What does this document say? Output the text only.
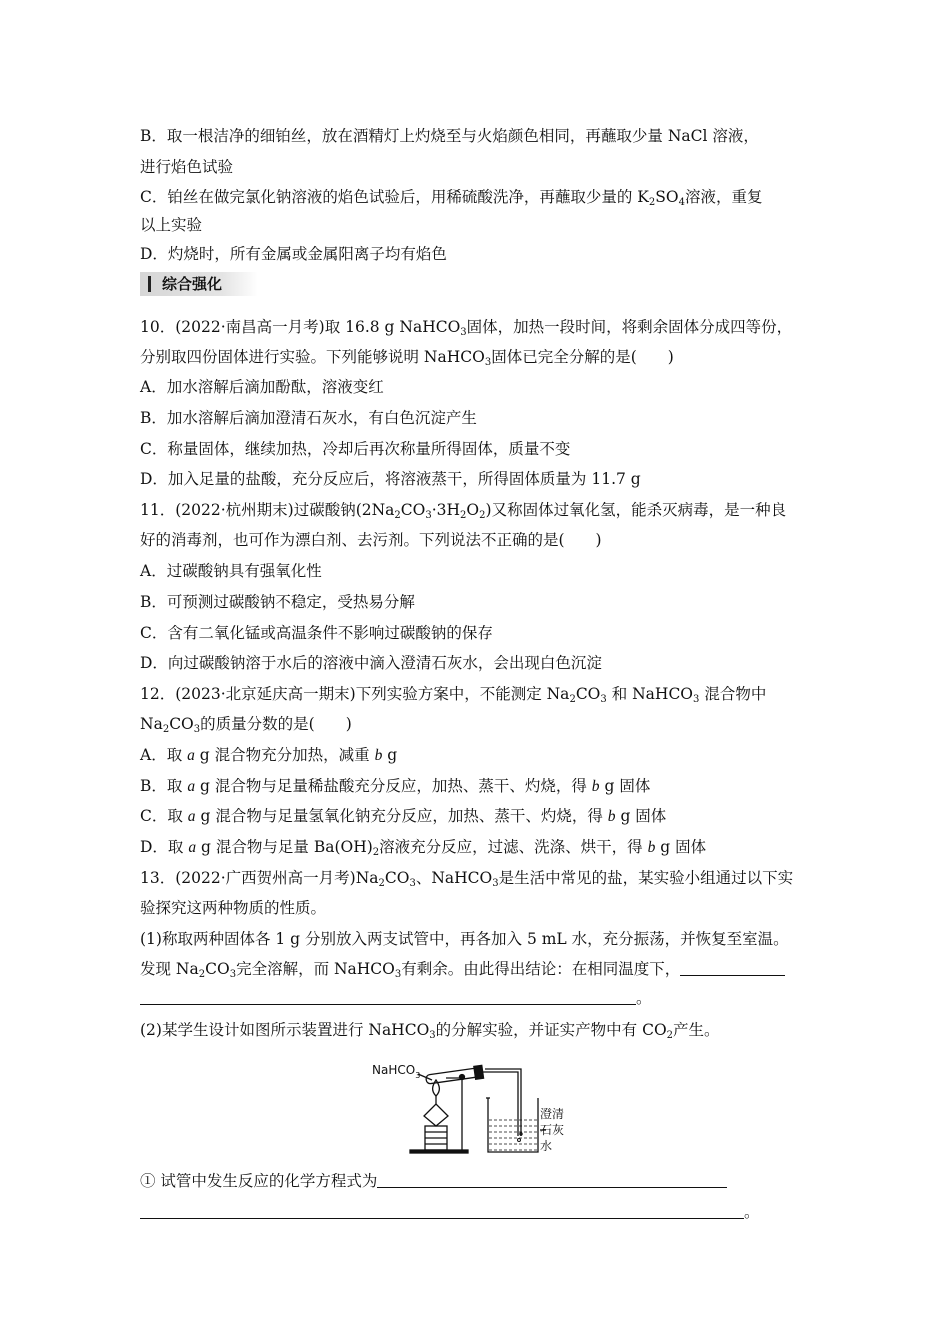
B．取一根洁净的细铂丝，放在酒精灯上灼烧至与火焰颜色相同，再蘸取少量 NaCl 溶液，
进行焰色试验
C．铂丝在做完氯化钠溶液的焰色试验后，用稀硫酸洗净，再蘸取少量的 $K_2SO_4$溶液，重复
以上实验
D．灼烧时，所有金属或金属阳离子均有焰色
综合强化
10．(2022·南昌高一月考)取 16.8 g NaHCO$_3$固体，加热一段时间，将剩余固体分成四等份，
分别取四份固体进行实验。下列能够说明 NaHCO$_3$固体已完全分解的是(　　)
A．加水溶解后滴加酚酞，溶液变红
B．加水溶解后滴加澄清石灰水，有白色沉淀产生
C．称量固体，继续加热，冷却后再次称量所得固体，质量不变
D．加入足量的盐酸，充分反应后，将溶液蒸干，所得固体质量为 11.7 g
11．(2022·杭州期末)过碳酸钠$(2Na_2CO_3\cdot 3H_2O_2)$又称固体过氧化氢，能杀灭病毒，是一种良
好的消毒剂，也可作为漂白剂、去污剂。下列说法不正确的是(　　)
A．过碳酸钠具有强氧化性
B．可预测过碳酸钠不稳定，受热易分解
C．含有二氧化锰或高温条件不影响过碳酸钠的保存
D．向过碳酸钠溶于水后的溶液中滴入澄清石灰水，会出现白色沉淀
12．(2023·北京延庆高一期末)下列实验方案中，不能测定 $Na_2CO_3$ 和 NaHCO$_3$ 混合物中
$Na_2CO_3$的质量分数的是(　　)
A．取 a g 混合物充分加热，减重 b g
B．取 a g 混合物与足量稀盐酸充分反应，加热、蒸干、灼烧，得 b g 固体
C．取 a g 混合物与足量氢氧化钠充分反应，加热、蒸干、灼烧，得 b g 固体
D．取 a g 混合物与足量 $Ba(OH)_2$溶液充分反应，过滤、洗涤、烘干，得 b g 固体
13．(2022·广西贺州高一月考)$Na_2CO_3$、NaHCO$_3$是生活中常见的盐，某实验小组通过以下实
验探究这两种物质的性质。
(1)称取两种固体各 1 g 分别放入两支试管中，再各加入 5 mL 水，充分振荡，并恢复至室温。
发现 $Na_2CO_3$完全溶解，而 NaHCO$_3$有剩余。由此得出结论：在相同温度下，
。
(2)某学生设计如图所示装置进行 NaHCO$_3$的分解实验，并证实产物中有 $CO_2$产生。
NaHCO$_3$
澄清
石灰
水
① 试管中发生反应的化学方程式为
。
